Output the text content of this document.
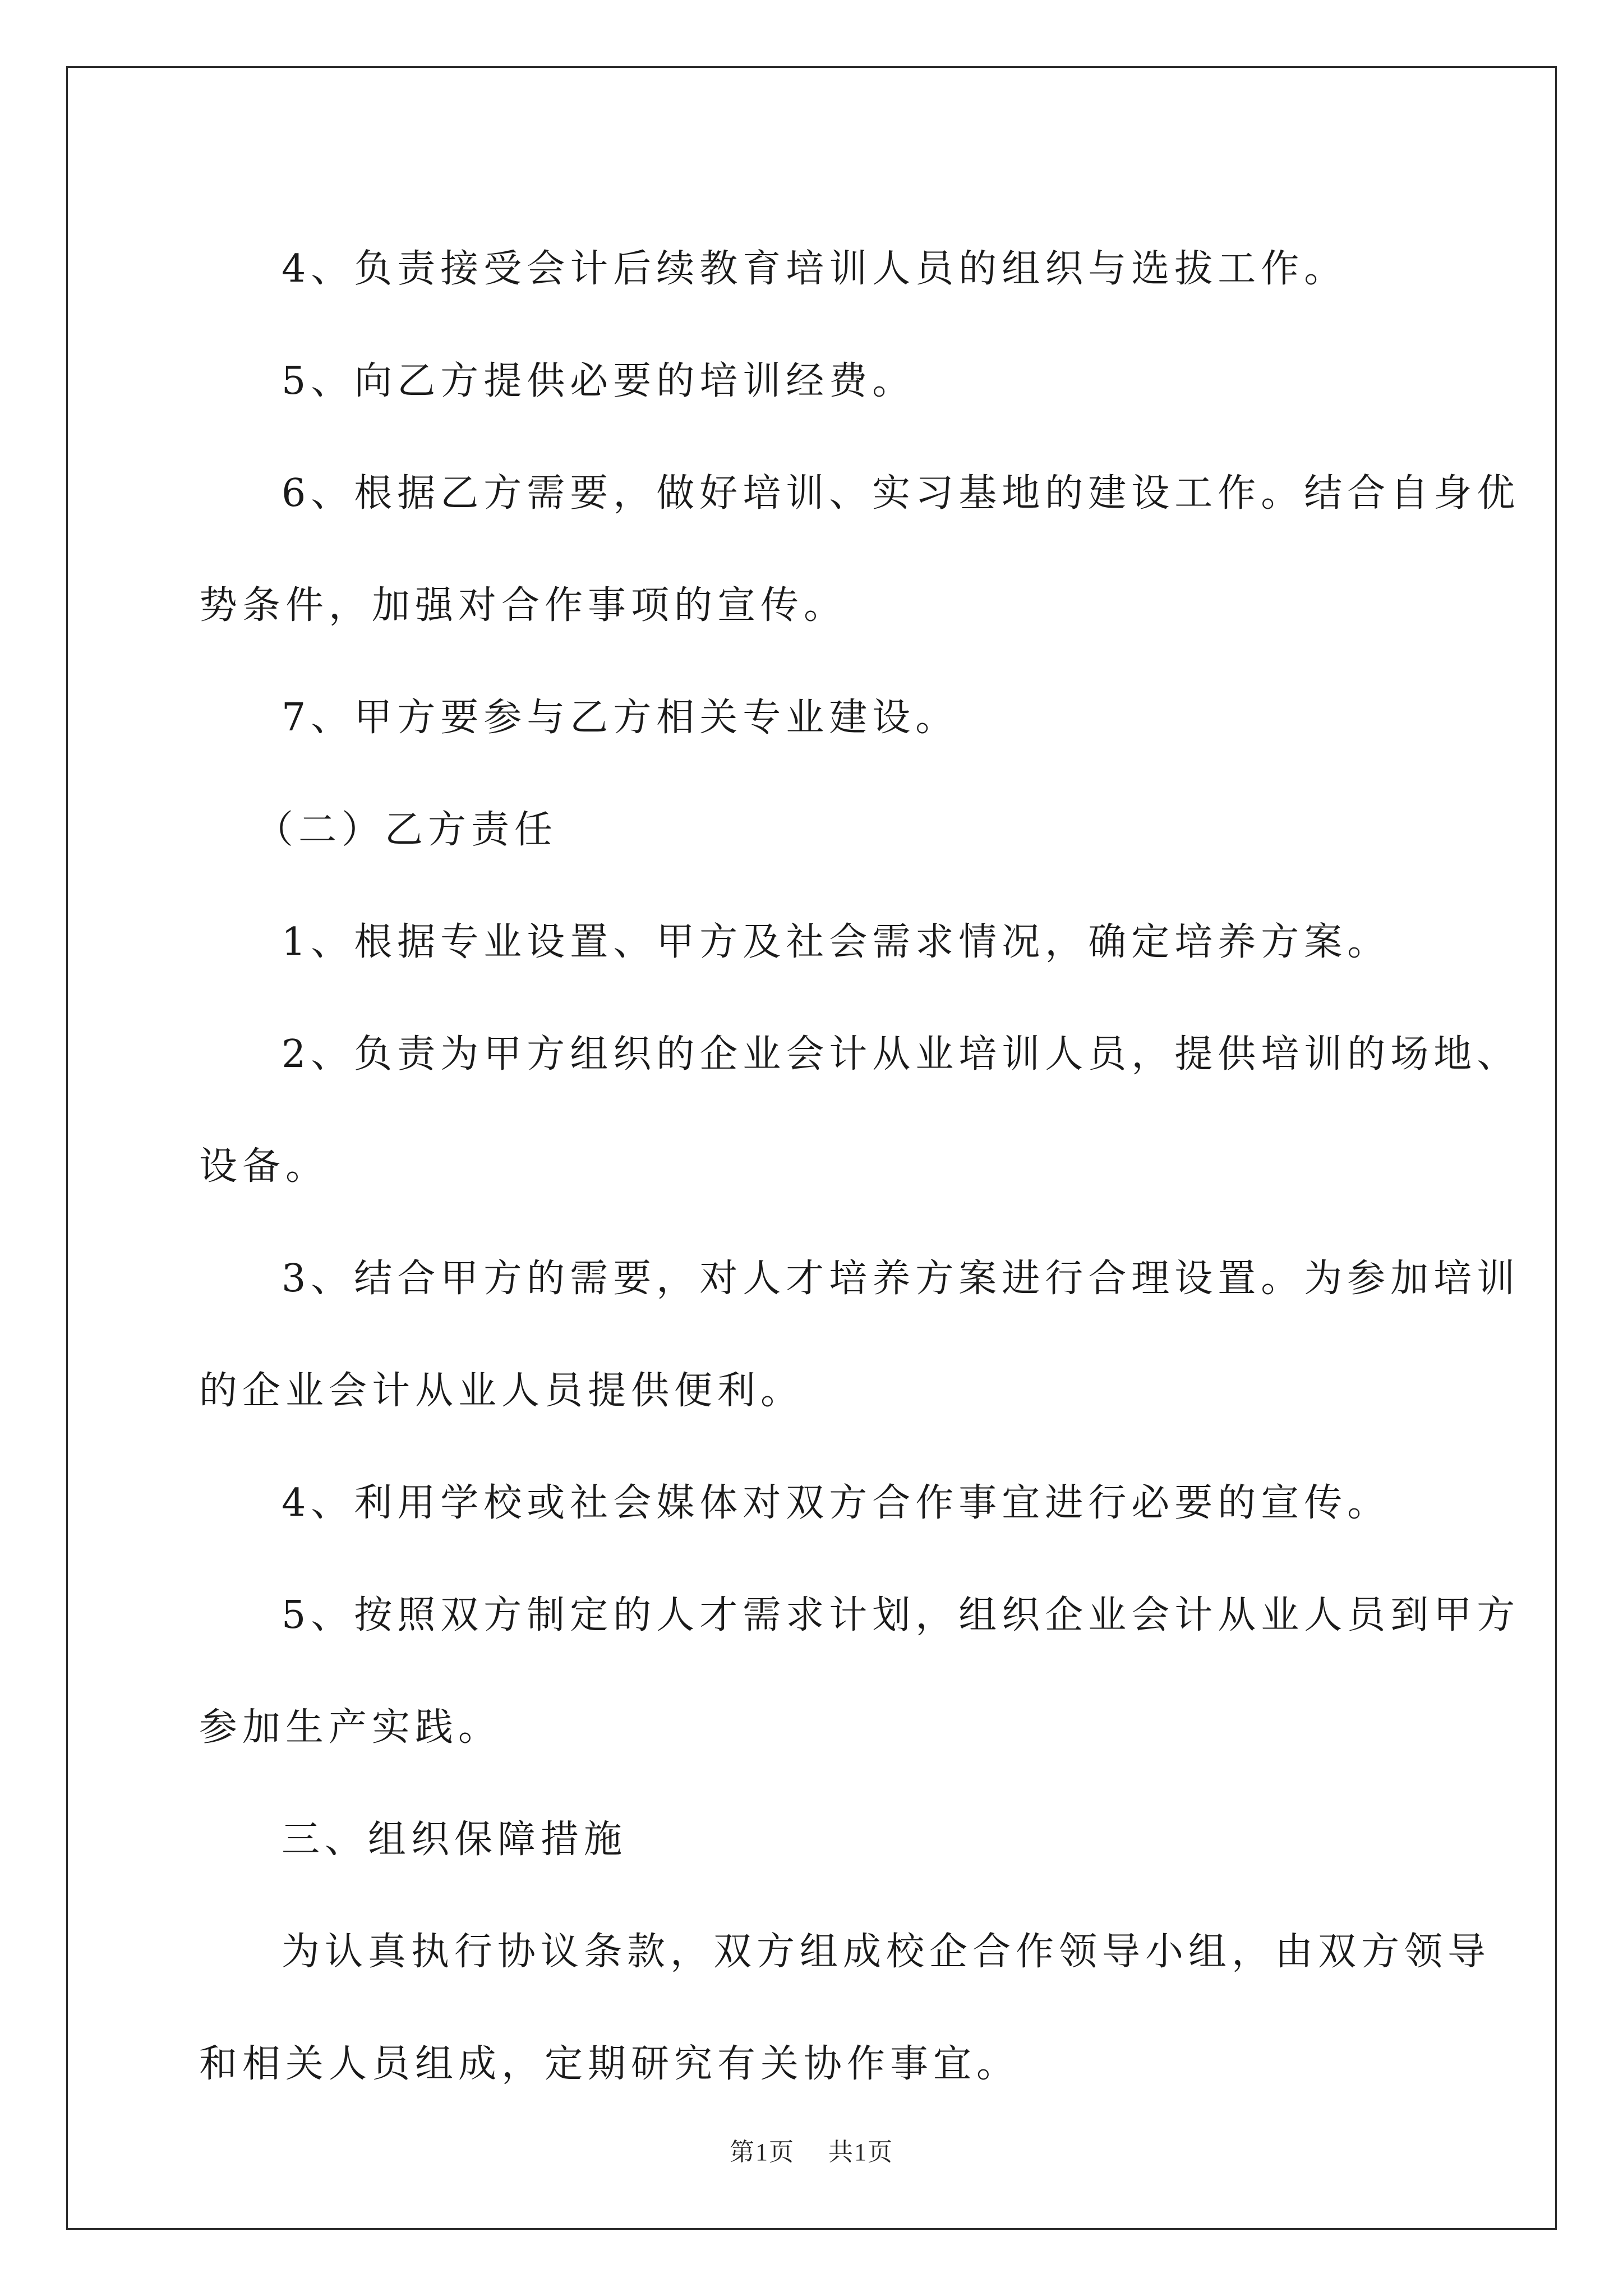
4、负责接受会计后续教育培训人员的组织与选拔工作。

5、向乙方提供必要的培训经费。

6、根据乙方需要，做好培训、实习基地的建设工作。结合自身优

势条件，加强对合作事项的宣传。

7、甲方要参与乙方相关专业建设。

（二）乙方责任

1、根据专业设置、甲方及社会需求情况，确定培养方案。

2、负责为甲方组织的企业会计从业培训人员，提供培训的场地、

设备。

3、结合甲方的需要，对人才培养方案进行合理设置。为参加培训

的企业会计从业人员提供便利。

4、利用学校或社会媒体对双方合作事宜进行必要的宣传。

5、按照双方制定的人才需求计划，组织企业会计从业人员到甲方

参加生产实践。

三、组织保障措施

为认真执行协议条款，双方组成校企合作领导小组，由双方领导

和相关人员组成，定期研究有关协作事宜。

第1页 共1页
